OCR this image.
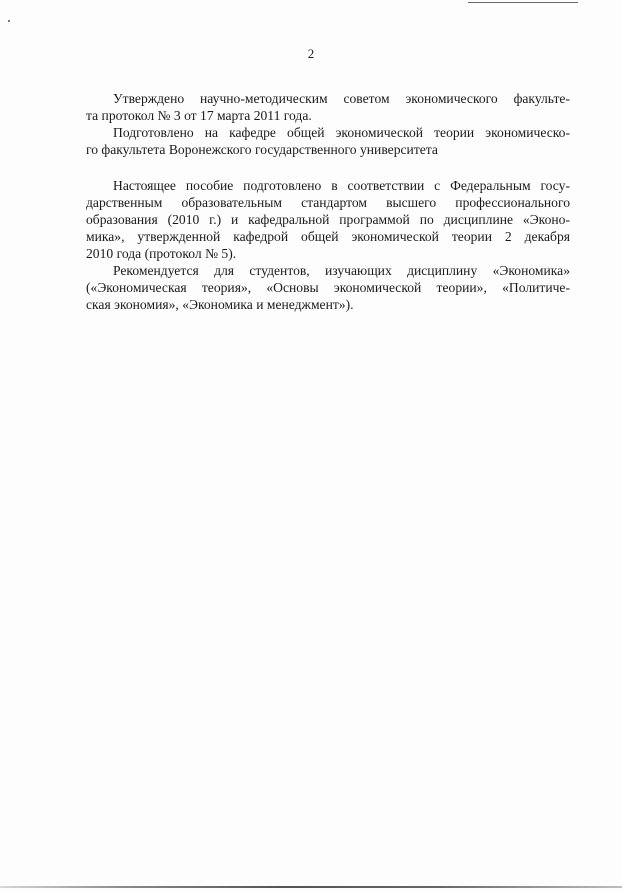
2

Утверждено научно-методическим советом экономического факульте-
та протокол № 3 от 17 марта 2011 года.

Подготовлено на кафедре общей экономической теории экономическо-
го факультета Воронежского государственного университета

Настоящее пособие подготовлено в соответствии с Федеральным госу-
дарственным образовательным стандартом высшего профессионального
образования (2010 г.) и кафедральной программой по дисциплине «Эконо-
мика», утвержденной кафедрой общей экономической теории 2 декабря
2010 года (протокол № 5).

Рекомендуется для студентов, изучающих дисциплину «Экономика»
(«Экономическая теория», «Основы экономической теории», «Политиче-
ская экономия», «Экономика и менеджмент»).
